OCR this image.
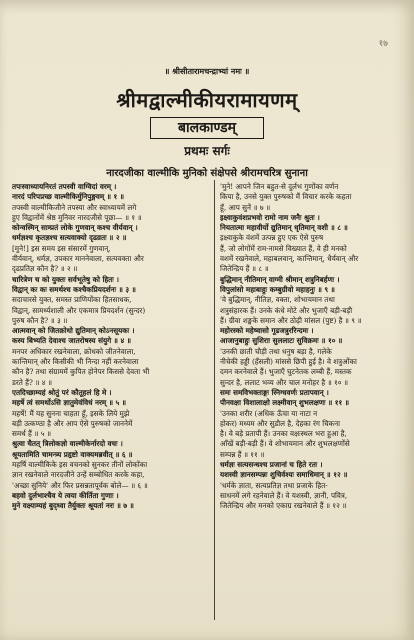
१७
॥ श्रीसीतारामचन्द्राभ्यां नमः ॥
श्रीमद्वाल्मीकीयरामायणम्
बालकाण्डम्
प्रथमः सर्गः
नारदजीका वाल्मीकि मुनिको संक्षेपसे श्रीरामचरित्र सुनाना
तपःस्वाध्यायनिरतं तपस्वी वाग्विदां वरम् ।
नारदं परिपप्रच्छ वाल्मीकिर्मुनिपुङ्गवम् ॥ १ ॥
तपस्वी वाल्मीकिजीने तपस्या और स्वाध्यायमें लगे
हुए विद्वानोंमें श्रेष्ठ मुनिवर नारदजीसे पूछा— ॥ १ ॥
कोन्वस्मिन् साम्प्रतं लोके गुणवान् कश्च वीर्यवान् ।
धर्मज्ञश्च कृतज्ञश्च सत्यवाक्यो दृढव्रतः ॥ २ ॥
[मुने!] इस समय इस संसारमें गुणवान्,
वीर्यवान्, धर्मज्ञ, उपकार माननेवाला, सत्यवक्ता और
दृढप्रतिज्ञ कौन है? ॥ २ ॥
चारित्रेण च को युक्तः सर्वभूतेषु को हितः ।
विद्वान् कः कः समर्थश्च कश्चैकप्रियदर्शनः ॥ ३ ॥
सदाचारसे युक्त, समस्त प्राणियोंका हितसाधक,
विद्वान्, सामर्थ्यशाली और एकमात्र प्रियदर्शन (सुन्दर)
पुरुष कौन है? ॥ ३ ॥
आत्मवान् को जितक्रोधो द्युतिमान् कोऽनसूयकः ।
कस्य बिभ्यति देवाश्च जातरोषस्य संयुगे ॥ ४ ॥
मनपर अधिकार रखनेवाला, क्रोधको जीतनेवाला,
कान्तिमान् और किसीकी भी निन्दा नहीं करनेवाला
कौन है? तथा संग्राममें कुपित होनेपर किससे देवता भी
डरते हैं? ॥ ४ ॥
एतदिच्छाम्यहं श्रोतुं परं कौतूहलं हि मे ।
महर्षे त्वं समर्थोऽसि ज्ञातुमेवंविधं नरम् ॥ ५ ॥
महर्षे! मैं यह सुनना चाहता हूँ, इसके लिये मुझे
बड़ी उत्कण्ठा है और आप ऐसे पुरुषको जाननेमें
समर्थ हैं ॥ ५ ॥
श्रुत्वा चैतत् त्रिलोकज्ञो वाल्मीकेर्नारदो वचः ।
श्रूयतामिति चामन्त्र्य प्रहृष्टो वाक्यमब्रवीत् ॥ ६ ॥
महर्षि वाल्मीकिके इस वचनको सुनकर तीनों लोकोंका
ज्ञान रखनेवाले नारदजीने उन्हें सम्बोधित करके कहा,
'अच्छा सुनिये' और फिर प्रसन्नतापूर्वक बोले— ॥ ६ ॥
बहवो दुर्लभाश्चैव ये त्वया कीर्तिता गुणाः ।
मुने वक्ष्याम्यहं बुद्ध्वा तैर्युक्तः श्रूयतां नरः ॥ ७ ॥
'मुने! आपने जिन बहुत-से दुर्लभ गुणोंका वर्णन
किया है, उनसे युक्त पुरुषको मैं विचार करके कहता
हूँ, आप सुनें ॥ ७ ॥
इक्ष्वाकुवंशप्रभवो रामो नाम जनैः श्रुतः ।
नियतात्मा महावीर्यो द्युतिमान् धृतिमान् वशी ॥ ८ ॥
इक्ष्वाकुके वंशमें उत्पन्न हुए एक ऐसे पुरुष
हैं, जो लोगोंमें राम-नामसे विख्यात हैं, वे ही मनको
वशमें रखनेवाले, महाबलवान्, कान्तिमान्, धैर्यवान् और
जितेन्द्रिय हैं ॥ ८ ॥
बुद्धिमान् नीतिमान् वाग्मी श्रीमान् शत्रुनिबर्हणः ।
विपुलांसो महाबाहुः कम्बुग्रीवो महाहनुः ॥ ९ ॥
'वे बुद्धिमान्, नीतिज्ञ, वक्ता, शोभायमान तथा
शत्रुसंहारक हैं। उनके कंधे मोटे और भुजाएँ बड़ी-बड़ी
हैं। ग्रीवा शङ्खके समान और ठोढ़ी मांसल (पुष्ट) है ॥ ९ ॥
महोरस्को महेष्वासो गूढजत्रुररिन्दमः ।
आजानुबाहुः सुशिराः सुललाटः सुविक्रमः ॥ १० ॥
'उनकी छाती चौड़ी तथा धनुष बड़ा है, गलेके
नीचेकी हड्डी (हँसली) मांससे छिपी हुई है। वे शत्रुओंका
दमन करनेवाले हैं। भुजाएँ घुटनेतक लम्बी हैं, मस्तक
सुन्दर है, ललाट भव्य और चाल मनोहर है ॥ १० ॥
समः समविभक्ताङ्गः स्निग्धवर्णः प्रतापवान् ।
पीनवक्षा विशालाक्षो लक्ष्मीवान् शुभलक्षणः ॥ ११ ॥
'उनका शरीर (अधिक ऊँचा या नाटा न
होकर) मध्यम और सुडौल है, देहका रंग चिकना
है। वे बड़े प्रतापी हैं। उनका वक्षःस्थल भरा हुआ है,
आँखें बड़ी-बड़ी हैं। वे शोभायमान और शुभलक्षणोंसे
सम्पन्न हैं ॥ ११ ॥
धर्मज्ञः सत्यसन्धश्च प्रजानां च हिते रतः ।
यशस्वी ज्ञानसम्पन्नः शुचिर्वश्यः समाधिमान् ॥ १२ ॥
'धर्मके ज्ञाता, सत्यप्रतिज्ञ तथा प्रजाके हित-
साधनमें लगे रहनेवाले हैं। वे यशस्वी, ज्ञानी, पवित्र,
जितेन्द्रिय और मनको एकाग्र रखनेवाले हैं ॥ १२ ॥
